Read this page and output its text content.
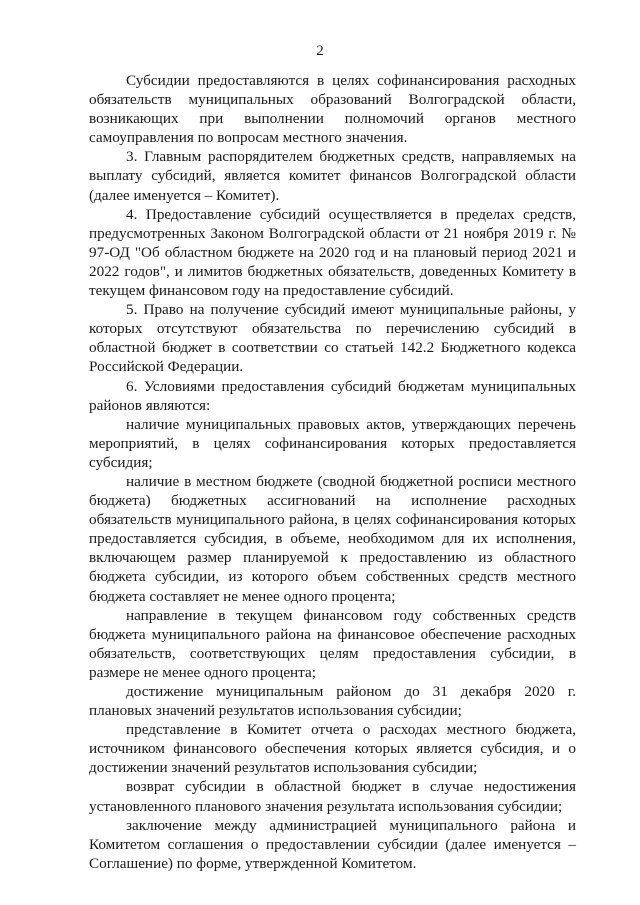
2

Субсидии предоставляются в целях софинансирования расходных обязательств муниципальных образований Волгоградской области, возникающих при выполнении полномочий органов местного самоуправления по вопросам местного значения.

3. Главным распорядителем бюджетных средств, направляемых на выплату субсидий, является комитет финансов Волгоградской области (далее именуется – Комитет).

4. Предоставление субсидий осуществляется в пределах средств, предусмотренных Законом Волгоградской области от 21 ноября 2019 г. № 97-ОД "Об областном бюджете на 2020 год и на плановый период 2021 и 2022 годов", и лимитов бюджетных обязательств, доведенных Комитету в текущем финансовом году на предоставление субсидий.

5. Право на получение субсидий имеют муниципальные районы, у которых отсутствуют обязательства по перечислению субсидий в областной бюджет в соответствии со статьей 142.2 Бюджетного кодекса Российской Федерации.

6. Условиями предоставления субсидий бюджетам муниципальных районов являются:

наличие муниципальных правовых актов, утверждающих перечень мероприятий, в целях софинансирования которых предоставляется субсидия;

наличие в местном бюджете (сводной бюджетной росписи местного бюджета) бюджетных ассигнований на исполнение расходных обязательств муниципального района, в целях софинансирования которых предоставляется субсидия, в объеме, необходимом для их исполнения, включающем размер планируемой к предоставлению из областного бюджета субсидии, из которого объем собственных средств местного бюджета составляет не менее одного процента;

направление в текущем финансовом году собственных средств бюджета муниципального района на финансовое обеспечение расходных обязательств, соответствующих целям предоставления субсидии, в размере не менее одного процента;

достижение муниципальным районом до 31 декабря 2020 г. плановых значений результатов использования субсидии;

представление в Комитет отчета о расходах местного бюджета, источником финансового обеспечения которых является субсидия, и о достижении значений результатов использования субсидии;

возврат субсидии в областной бюджет в случае недостижения установленного планового значения результата использования субсидии;

заключение между администрацией муниципального района и Комитетом соглашения о предоставлении субсидии (далее именуется – Соглашение) по форме, утвержденной Комитетом.
